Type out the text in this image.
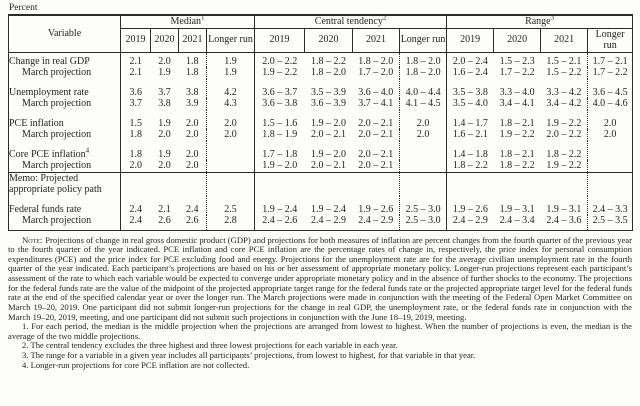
Percent
Variable	Median$^1$				Central tendency$^2$				Range$^3$
	2019	2020	2021	Longer run	2019	2020	2021	Longer run	2019	2020	2021	Longer run
Change in real GDP	2.1	2.0	1.8	1.9	2.0 – 2.2	1.8 – 2.2	1.8 – 2.0	1.8 – 2.0	2.0 – 2.4	1.5 – 2.3	1.5 – 2.1	1.7 – 2.1
March projection	2.1	1.9	1.8	1.9	1.9 – 2.2	1.8 – 2.0	1.7 – 2.0	1.8 – 2.0	1.6 – 2.4	1.7 – 2.2	1.5 – 2.2	1.7 – 2.2
Unemployment rate	3.6	3.7	3.8	4.2	3.6 – 3.7	3.5 – 3.9	3.6 – 4.0	4.0 – 4.4	3.5 – 3.8	3.3 – 4.0	3.3 – 4.2	3.6 – 4.5
March projection	3.7	3.8	3.9	4.3	3.6 – 3.8	3.6 – 3.9	3.7 – 4.1	4.1 – 4.5	3.5 – 4.0	3.4 – 4.1	3.4 – 4.2	4.0 – 4.6
PCE inflation	1.5	1.9	2.0	2.0	1.5 – 1.6	1.9 – 2.0	2.0 – 2.1	2.0	1.4 – 1.7	1.8 – 2.1	1.9 – 2.2	2.0
March projection	1.8	2.0	2.0	2.0	1.8 – 1.9	2.0 – 2.1	2.0 – 2.1	2.0	1.6 – 2.1	1.9 – 2.2	2.0 – 2.2	2.0
Core PCE inflation$^4$	1.8	1.9	2.0		1.7 – 1.8	1.9 – 2.0	2.0 – 2.1		1.4 – 1.8	1.8 – 2.1	1.8 – 2.2	
March projection	2.0	2.0	2.0		1.9 – 2.0	2.0 – 2.1	2.0 – 2.1		1.8 – 2.2	1.8 – 2.2	1.9 – 2.2	
Memo: Projected appropriate policy path												
Federal funds rate	2.4	2.1	2.4	2.5	1.9 – 2.4	1.9 – 2.4	1.9 – 2.6	2.5 – 3.0	1.9 – 2.6	1.9 – 3.1	1.9 – 3.1	2.4 – 3.3
March projection	2.4	2.6	2.6	2.8	2.4 – 2.6	2.4 – 2.9	2.4 – 2.9	2.5 – 3.0	2.4 – 2.9	2.4 – 3.4	2.4 – 3.6	2.5 – 3.5

Note: Projections of change in real gross domestic product (GDP) and projections for both measures of inflation are percent changes from the fourth quarter of the previous year to the fourth quarter of the year indicated. PCE inflation and core PCE inflation are the percentage rates of change in, respectively, the price index for personal consumption expenditures (PCE) and the price index for PCE excluding food and energy. Projections for the unemployment rate are for the average civilian unemployment rate in the fourth quarter of the year indicated. Each participant’s projections are based on his or her assessment of appropriate monetary policy. Longer-run projections represent each participant’s assessment of the rate to which each variable would be expected to converge under appropriate monetary policy and in the absence of further shocks to the economy. The projections for the federal funds rate are the value of the midpoint of the projected appropriate target range for the federal funds rate or the projected appropriate target level for the federal funds rate at the end of the specified calendar year or over the longer run. The March projections were made in conjunction with the meeting of the Federal Open Market Committee on March 19–20, 2019. One participant did not submit longer-run projections for the change in real GDP, the unemployment rate, or the federal funds rate in conjunction with the March 19–20, 2019, meeting, and one participant did not submit such projections in conjunction with the June 18–19, 2019, meeting.

1. For each period, the median is the middle projection when the projections are arranged from lowest to highest. When the number of projections is even, the median is the average of the two middle projections.

2. The central tendency excludes the three highest and three lowest projections for each variable in each year.

3. The range for a variable in a given year includes all participants’ projections, from lowest to highest, for that variable in that year.

4. Longer-run projections for core PCE inflation are not collected.
